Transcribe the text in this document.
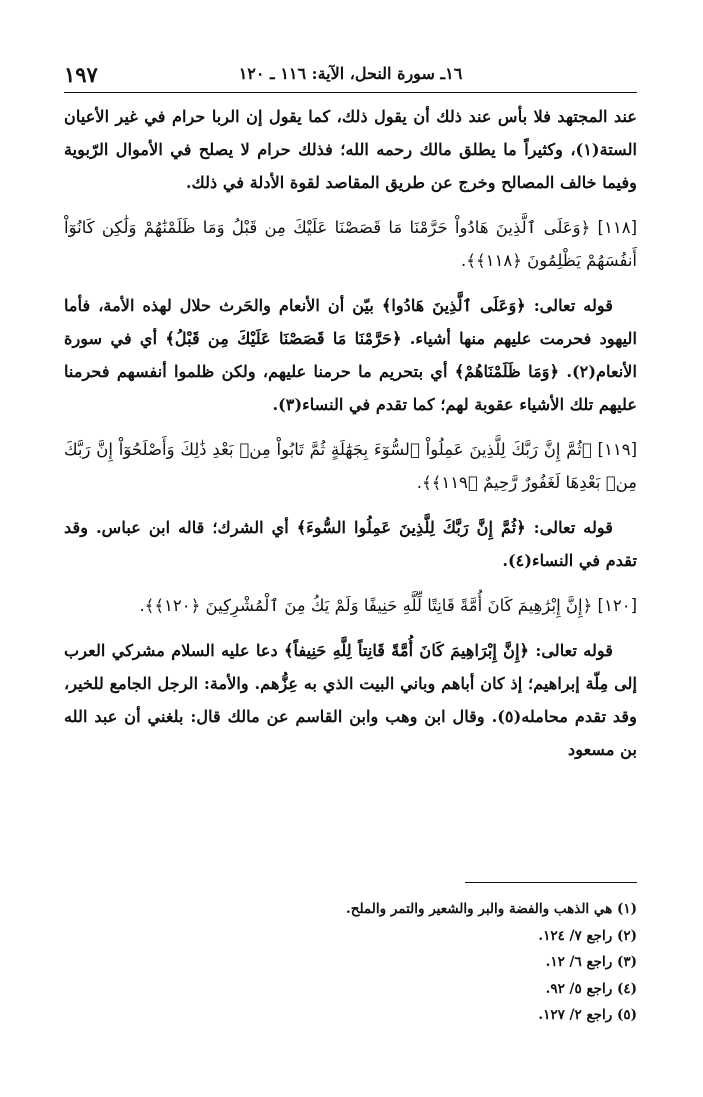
١٩٧	١٦ـ سورة النحل، الآية: ١١٦ ـ ١٢٠

عند المجتهد فلا بأس عند ذلك أن يقول ذلك، كما يقول إن الربا حرام في غير الأعيان الستة(١)، وكثيراً ما يطلق مالك رحمه الله؛ فذلك حرام لا يصلح في الأموال الرّبوية وفيما خالف المصالح وخرج عن طريق المقاصد لقوة الأدلة في ذلك.

[١١٨] ﴿وَعَلَى ٱلَّذِينَ هَادُواْ حَرَّمْنَا مَا قَصَصْنَا عَلَيْكَ مِن قَبْلُ وَمَا ظَلَمْنَٰهُمْ وَلَٰكِن كَانُوٓاْ أَنفُسَهُمْ يَظْلِمُونَ ﴿١١٨﴾﴾.

قوله تعالى: ﴿وَعَلَى ٱلَّذِينَ هَادُوا﴾ بيّن أن الأنعام والحَرث حلال لهذه الأمة، فأما اليهود فحرمت عليهم منها أشياء. ﴿حَرَّمْنَا مَا قَصَصْنَا عَلَيْكَ مِن قَبْلُ﴾ أي في سورة الأنعام(٢). ﴿وَمَا ظَلَمْنَاهُمْ﴾ أي بتحريم ما حرمنا عليهم، ولكن ظلموا أنفسهم فحرمنا عليهم تلك الأشياء عقوبة لهم؛ كما تقدم في النساء(٣).

[١١٩] ﴿ثُمَّ إِنَّ رَبَّكَ لِلَّذِينَ عَمِلُواْ ٱلسُّوٓءَ بِجَهَٰلَةٍ ثُمَّ تَابُواْ مِنۢ بَعْدِ ذَٰلِكَ وَأَصْلَحُوٓاْ إِنَّ رَبَّكَ مِنۢ بَعْدِهَا لَغَفُورٌ رَّحِيمٌ ﴿١١٩﴾﴾.

قوله تعالى: ﴿ثُمَّ إِنَّ رَبَّكَ لِلَّذِينَ عَمِلُوا السُّوءَ﴾ أي الشرك؛ قاله ابن عباس. وقد تقدم في النساء(٤).

[١٢٠] ﴿إِنَّ إِبْرَٰهِيمَ كَانَ أُمَّةً قَانِتًا لِّلَّهِ حَنِيفًا وَلَمْ يَكُ مِنَ ٱلْمُشْرِكِينَ ﴿١٢٠﴾﴾.

قوله تعالى: ﴿إِنَّ إِبْرَاهِيمَ كَانَ أُمَّةً قَانِتاً لِلَّهِ حَنِيفاً﴾ دعا عليه السلام مشركي العرب إلى مِلّة إبراهيم؛ إذ كان أباهم وباني البيت الذي به عِزُّهم. والأمة: الرجل الجامع للخير، وقد تقدم محامله(٥). وقال ابن وهب وابن القاسم عن مالك قال: بلغني أن عبد الله بن مسعود

(١) هي الذهب والفضة والبر والشعير والتمر والملح.
(٢) راجع ٧/ ١٢٤.
(٣) راجع ٦/ ١٢.
(٤) راجع ٥/ ٩٢.
(٥) راجع ٢/ ١٢٧.
